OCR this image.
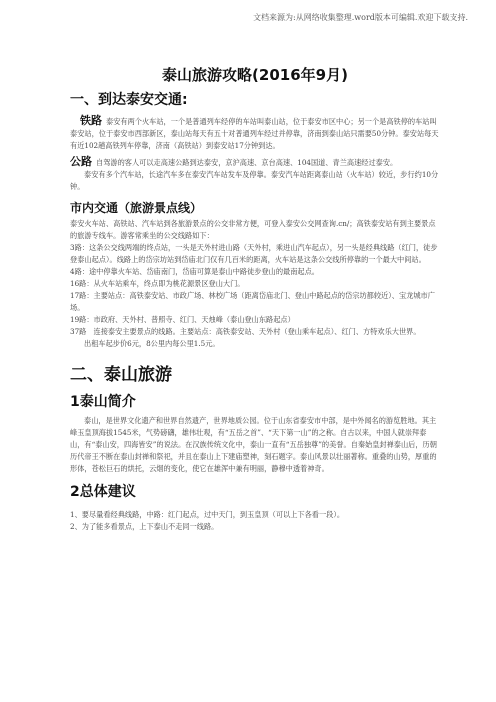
文档来源为:从网络收集整理.word版本可编辑.欢迎下载支持.
泰山旅游攻略(2016年9月)
一、到达泰安交通:

铁路 泰安有两个火车站，一个是普通列车经停的车站叫泰山站，位于泰安市区中心；另一个是高铁停的车站叫泰安站，位于泰安市西部新区，泰山站每天有五十对普通列车经过并停靠，济南到泰山站只需要50分钟。泰安站每天有近102趟高铁列车停靠，济南（高铁站）到泰安站17分钟到达。

公路 自驾游的客人可以走高速公路到达泰安，京沪高速、京台高速、104国道、青兰高速经过泰安。

泰安有多个汽车站，长途汽车多在泰安汽车站发车及停靠。泰安汽车站距离泰山站（火车站）较近，步行约10分钟。

市内交通（旅游景点线）

泰安火车站、高铁站、汽车站到各旅游景点的公交非常方便，可登入泰安公交网查询.cn/；高铁泰安站有到主要景点的旅游专线车。游客常乘坐的公交线路如下：

3路：这条公交线两端的终点站，一头是天外村进山路（天外村，乘进山汽车起点），另一头是经典线路（红门，徒步登泰山起点）。线路上的岱宗坊站到岱庙北门仅有几百米的距离，火车站是这条公交线所停靠的一个最大中间站。

4路：途中停靠火车站、岱庙南门，岱庙可算是泰山中路徒步登山的最南起点。

16路：从火车站乘车，终点即为桃花源景区登山大门。

17路：主要站点：高铁泰安站、市政广场、林校广场（距离岱庙北门、登山中路起点的岱宗坊都较近）、宝龙城市广场。

19路：市政府、天外村、普照寺、红门、天烛峰（泰山登山东路起点）

37路　连接泰安主要景点的线路。主要站点：高铁泰安站、天外村（登山乘车起点）、红门、方特欢乐大世界。

出租车起步价6元，8公里内每公里1.5元。

二、泰山旅游
1泰山简介

泰山，是世界文化遗产和世界自然遗产，世界地质公园。位于山东省泰安市中部，是中外闻名的游览胜地。其主峰玉皇顶海拔1545米，气势磅礴，雄伟壮观，有“五岳之首”、“天下第一山”的之称。自古以来，中国人就崇拜泰山，有“泰山安，四海皆安”的说法。在汉族传统文化中，泰山一直有“五岳独尊”的美誉。自秦始皇封禅泰山后，历朝历代帝王不断在泰山封禅和祭祀，并且在泰山上下建庙塑神，刻石题字。泰山风景以壮丽著称。重叠的山势，厚重的形体，苍松巨石的烘托，云烟的变化，使它在雄浑中兼有明丽，静穆中透着神奇。

2总体建议

1、要尽量看经典线路，中路：红门起点，过中天门，到玉皇顶（可以上下各看一段）。

2、为了能多看景点，上下泰山不走同一线路。
